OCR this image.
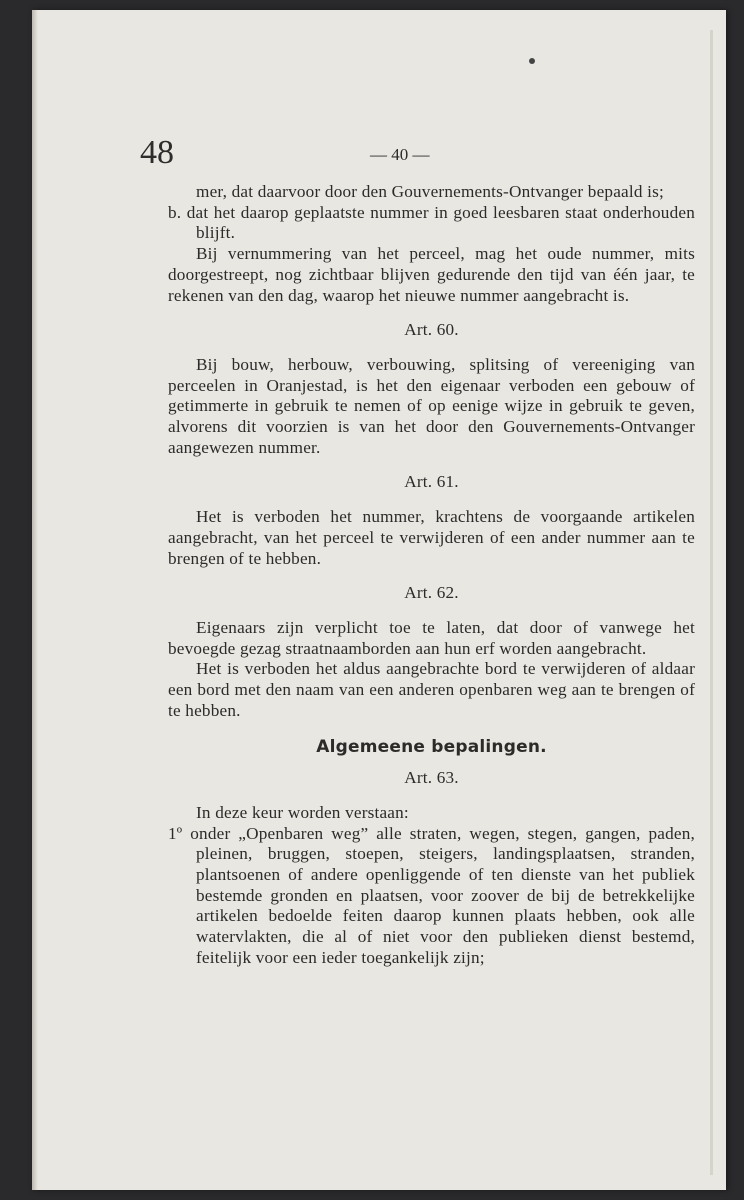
48	— 40 —

mer, dat daarvoor door den Gouvernements-Ontvanger bepaald is;

b. dat het daarop geplaatste nummer in goed leesbaren staat onderhouden blijft.

Bij vernummering van het perceel, mag het oude nummer, mits doorgestreept, nog zichtbaar blijven gedurende den tijd van één jaar, te rekenen van den dag, waarop het nieuwe nummer aangebracht is.

Art. 60.

Bij bouw, herbouw, verbouwing, splitsing of vereeniging van perceelen in Oranjestad, is het den eigenaar verboden een gebouw of getimmerte in gebruik te nemen of op eenige wijze in gebruik te geven, alvorens dit voorzien is van het door den Gouvernements-Ontvanger aangewezen nummer.

Art. 61.

Het is verboden het nummer, krachtens de voorgaande artikelen aangebracht, van het perceel te verwijderen of een ander nummer aan te brengen of te hebben.

Art. 62.

Eigenaars zijn verplicht toe te laten, dat door of vanwege het bevoegde gezag straatnaamborden aan hun erf worden aangebracht.

Het is verboden het aldus aangebrachte bord te verwijderen of aldaar een bord met den naam van een anderen openbaren weg aan te brengen of te hebben.

Algemeene bepalingen.

Art. 63.

In deze keur worden verstaan:

1º onder „Openbaren weg” alle straten, wegen, stegen, gangen, paden, pleinen, bruggen, stoepen, steigers, landingsplaatsen, stranden, plantsoenen of andere openliggende of ten dienste van het publiek bestemde gronden en plaatsen, voor zoover de bij de betrekkelijke artikelen bedoelde feiten daarop kunnen plaats hebben, ook alle watervlakten, die al of niet voor den publieken dienst bestemd, feitelijk voor een ieder toegankelijk zijn;
